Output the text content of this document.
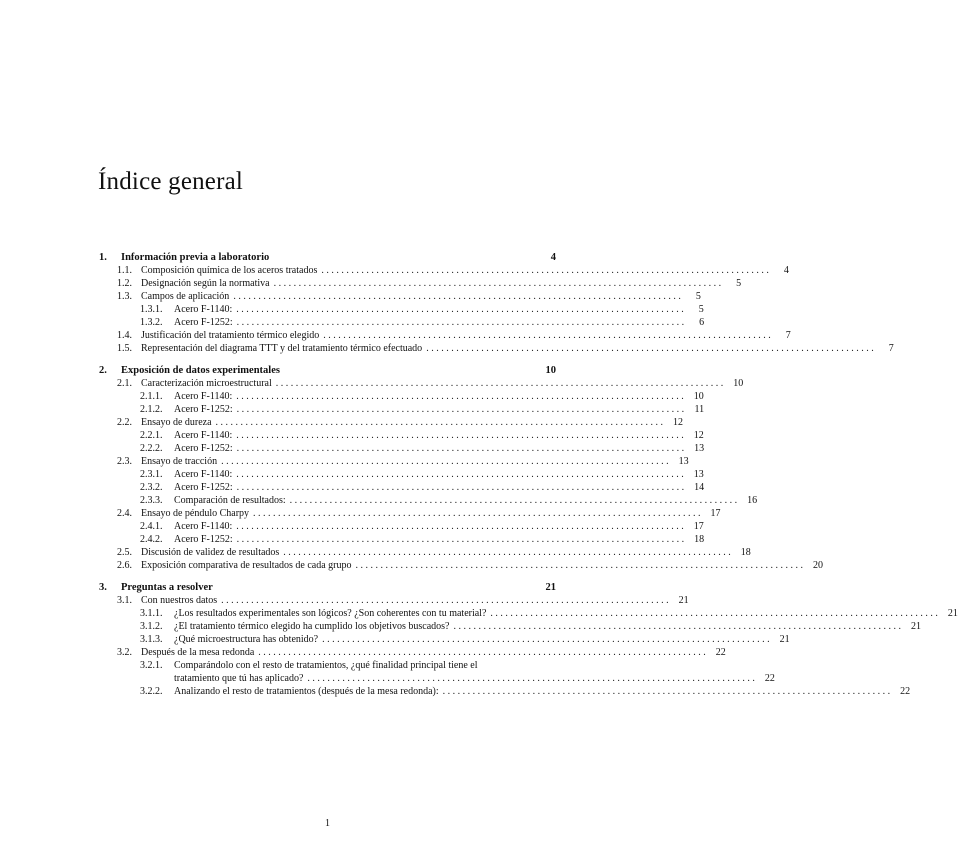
Índice general
1.	Información previa a laboratorio	4
1.1. Composición química de los aceros tratados . . .	4
1.2. Designación según la normativa . . .	5
1.3. Campos de aplicación . . .	5
1.3.1.	Acero F-1140: . . .	5
1.3.2.	Acero F-1252: . . .	6
1.4. Justificación del tratamiento térmico elegido . . .	7
1.5. Representación del diagrama TTT y del tratamiento térmico efectuado . . .	7
2.	Exposición de datos experimentales	10
2.1. Caracterización microestructural . . .	10
2.1.1.	Acero F-1140: . . .	10
2.1.2.	Acero F-1252: . . .	11
2.2. Ensayo de dureza . . .	12
2.2.1.	Acero F-1140: . . .	12
2.2.2.	Acero F-1252: . . .	13
2.3. Ensayo de tracción . . .	13
2.3.1.	Acero F-1140: . . .	13
2.3.2.	Acero F-1252: . . .	14
2.3.3.	Comparación de resultados: . . .	16
2.4. Ensayo de péndulo Charpy . . .	17
2.4.1.	Acero F-1140: . . .	17
2.4.2.	Acero F-1252: . . .	18
2.5. Discusión de validez de resultados . . .	18
2.6. Exposición comparativa de resultados de cada grupo . . .	20
3.	Preguntas a resolver	21
3.1. Con nuestros datos . . .	21
3.1.1.	¿Los resultados experimentales son lógicos? ¿Son coherentes con tu material? . . .	21
3.1.2.	¿El tratamiento térmico elegido ha cumplido los objetivos buscados? . . .	21
3.1.3.	¿Qué microestructura has obtenido? . . .	21
3.2. Después de la mesa redonda . . .	22
3.2.1.	Comparándolo con el resto de tratamientos, ¿qué finalidad principal tiene el
tratamiento que tú has aplicado? . . .	22
3.2.2.	Analizando el resto de tratamientos (después de la mesa redonda): . . .	22
1
